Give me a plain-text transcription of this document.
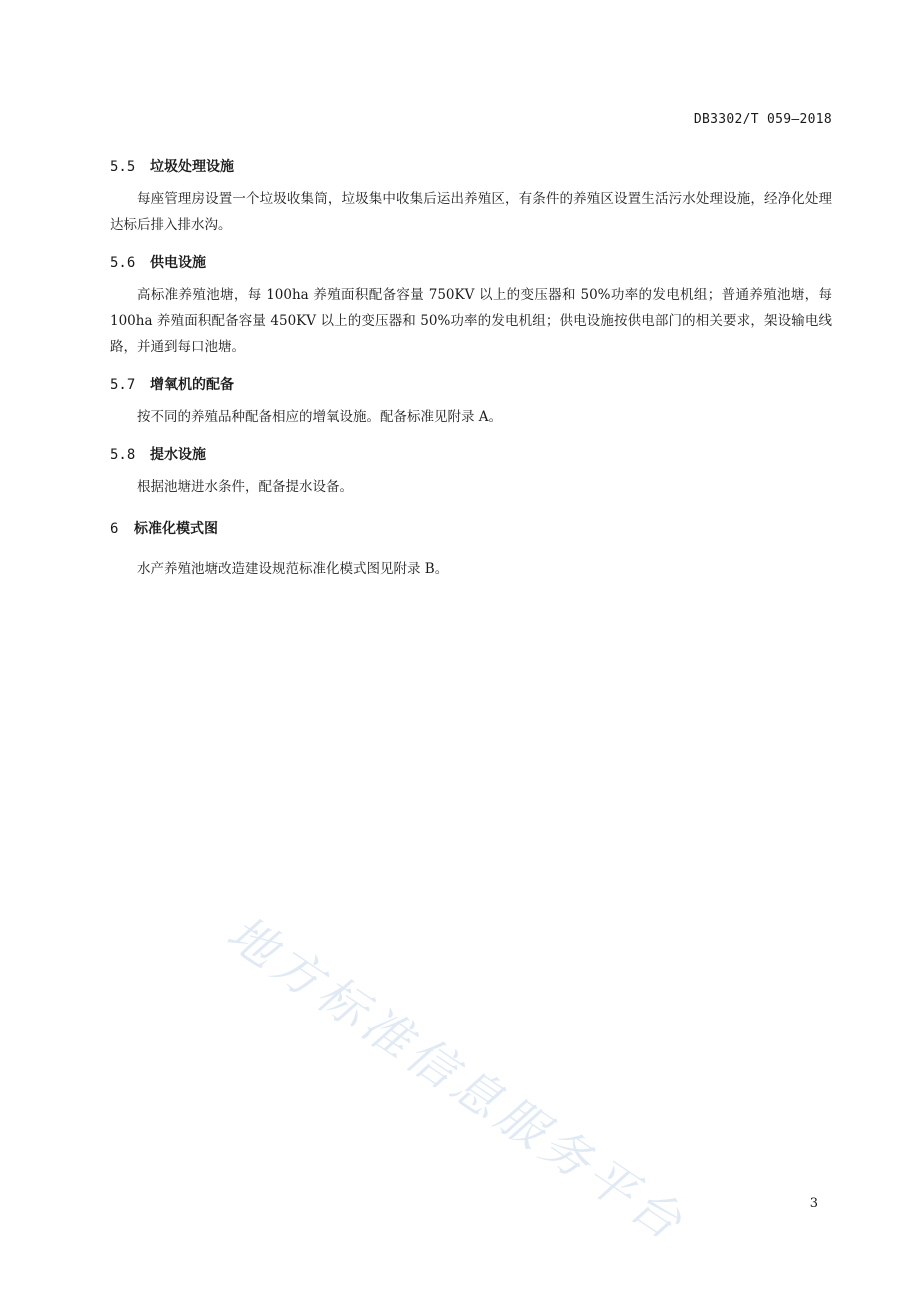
DB3302/T 059—2018
5.5	垃圾处理设施

每座管理房设置一个垃圾收集筒，垃圾集中收集后运出养殖区，有条件的养殖区设置生活污水处理设施，经净化处理达标后排入排水沟。

5.6	供电设施

高标准养殖池塘，每 100ha 养殖面积配备容量 750KV 以上的变压器和 50%功率的发电机组；普通养殖池塘，每 100ha 养殖面积配备容量 450KV 以上的变压器和 50%功率的发电机组；供电设施按供电部门的相关要求，架设输电线路，并通到每口池塘。

5.7	增氧机的配备

按不同的养殖品种配备相应的增氧设施。配备标准见附录 A。

5.8	提水设施

根据池塘进水条件，配备提水设备。

6	标准化模式图

水产养殖池塘改造建设规范标准化模式图见附录 B。

地方标准信息服务平台	3
